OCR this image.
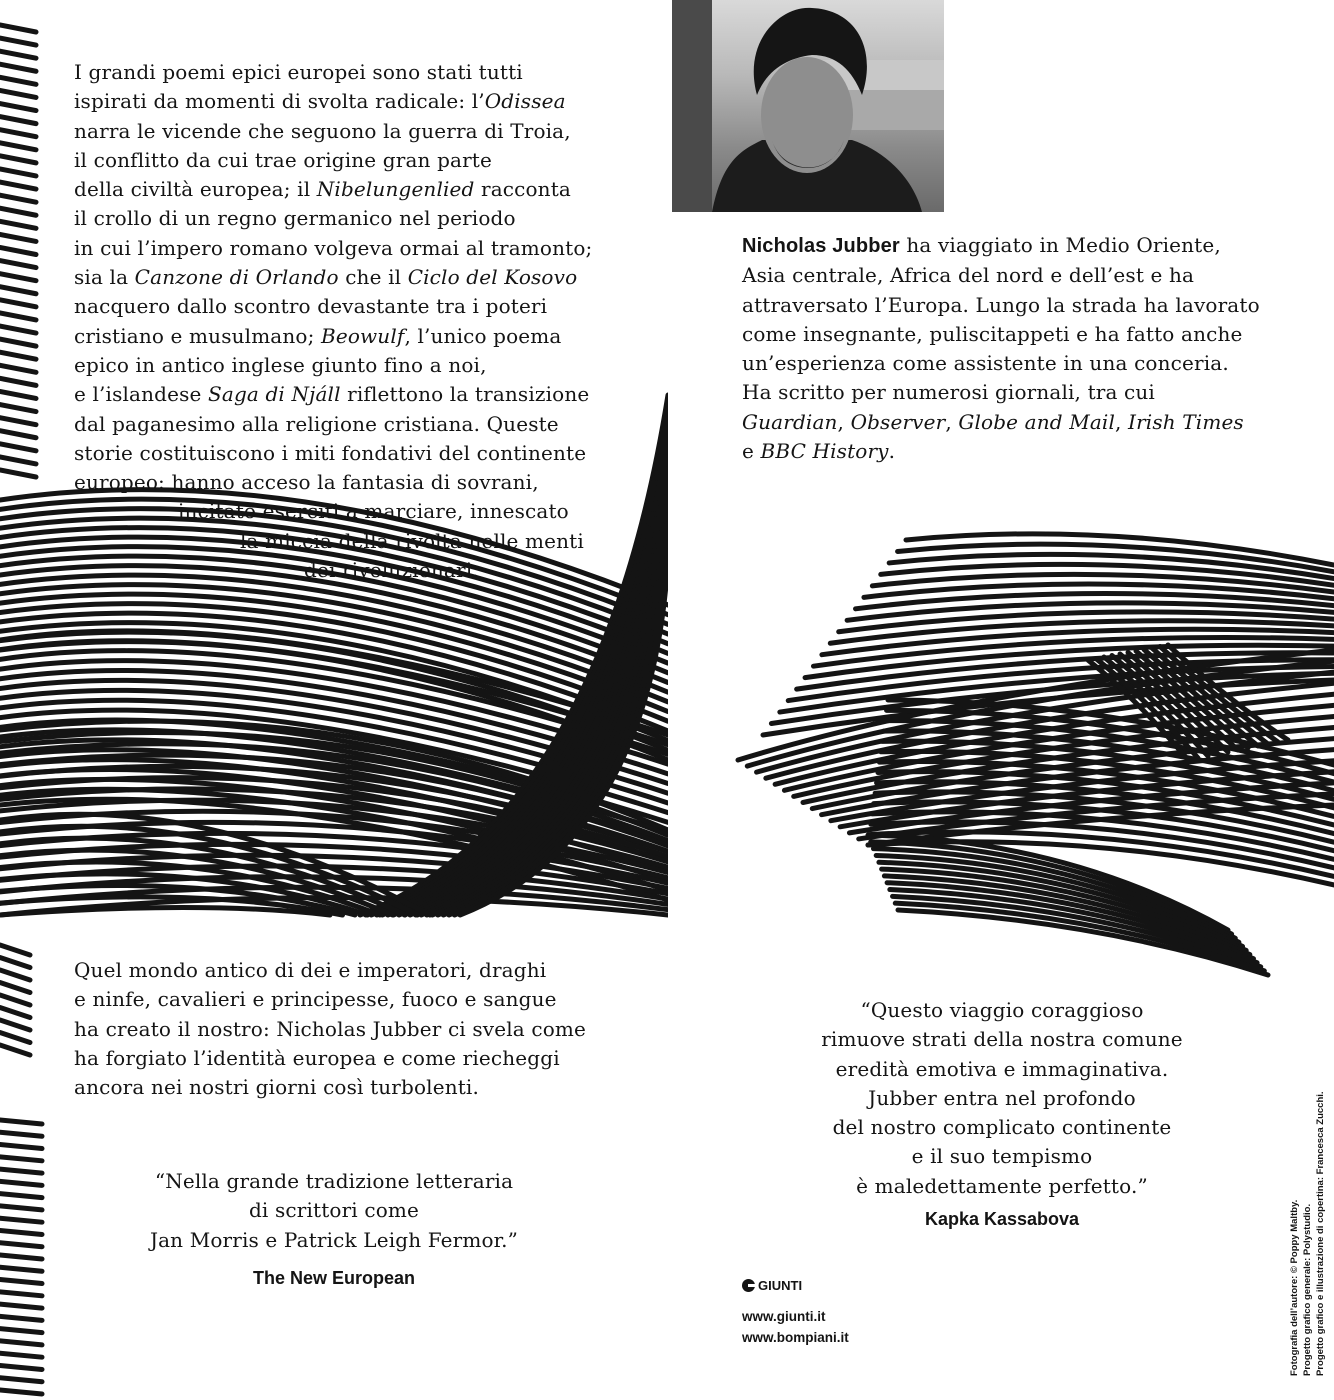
I grandi poemi epici europei sono stati tutti
ispirati da momenti di svolta radicale: l’Odissea
narra le vicende che seguono la guerra di Troia,
il conflitto da cui trae origine gran parte
della civiltà europea; il Nibelungenlied racconta
il crollo di un regno germanico nel periodo
in cui l’impero romano volgeva ormai al tramonto;
sia la Canzone di Orlando che il Ciclo del Kosovo
nacquero dallo scontro devastante tra i poteri
cristiano e musulmano; Beowulf, l’unico poema
epico in antico inglese giunto fino a noi,
e l’islandese Saga di Njáll riflettono la transizione
dal paganesimo alla religione cristiana. Queste
storie costituiscono i miti fondativi del continente
europeo: hanno acceso la fantasia di sovrani,
incitato eserciti a marciare, innescato
la miccia della rivolta nelle menti
dei rivoluzionari.

Quel mondo antico di dei e imperatori, draghi
e ninfe, cavalieri e principesse, fuoco e sangue
ha creato il nostro: Nicholas Jubber ci svela come
ha forgiato l’identità europea e come riecheggi
ancora nei nostri giorni così turbolenti.

“Nella grande tradizione letteraria
di scrittori come
Jan Morris e Patrick Leigh Fermor.”

The New European

Nicholas Jubber ha viaggiato in Medio Oriente,
Asia centrale, Africa del nord e dell’est e ha
attraversato l’Europa. Lungo la strada ha lavorato
come insegnante, puliscitappeti e ha fatto anche
un’esperienza come assistente in una conceria.
Ha scritto per numerosi giornali, tra cui
Guardian, Observer, Globe and Mail, Irish Times
e BBC History.

“Questo viaggio coraggioso
rimuove strati della nostra comune
eredità emotiva e immaginativa.
Jubber entra nel profondo
del nostro complicato continente
e il suo tempismo
è maledettamente perfetto.”

Kapka Kassabova

GIUNTI

www.giunti.it
www.bompiani.it	Fotografia dell’autore: © Poppy Maltby. Progetto grafico generale: Polystudio. Progetto grafico e illustrazione di copertina: Francesca Zucchi.
